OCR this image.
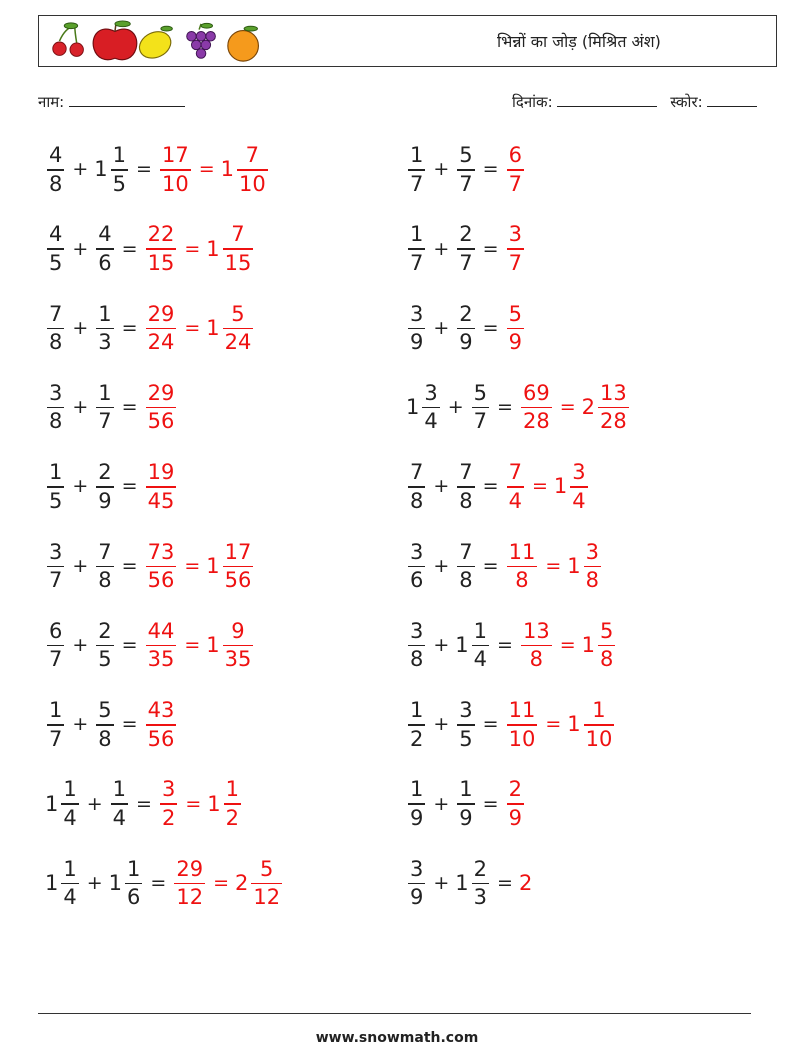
भिन्नों का जोड़ (मिश्रित अंश)
नाम:	दिनांक:	स्कोर:
$\frac{4}{8} + 1 \frac{1}{5} = \frac{17}{10} = 1 \frac{7}{10}$	$\frac{1}{7} + \frac{5}{7} = \frac{6}{7}$
$\frac{4}{5} + \frac{4}{6} = \frac{22}{15} = 1 \frac{7}{15}$	$\frac{1}{7} + \frac{2}{7} = \frac{3}{7}$
$\frac{7}{8} + \frac{1}{3} = \frac{29}{24} = 1 \frac{5}{24}$	$\frac{3}{9} + \frac{2}{9} = \frac{5}{9}$
$\frac{3}{8} + \frac{1}{7} = \frac{29}{56}$	$1 \frac{3}{4} + \frac{5}{7} = \frac{69}{28} = 2 \frac{13}{28}$
$\frac{1}{5} + \frac{2}{9} = \frac{19}{45}$	$\frac{7}{8} + \frac{7}{8} = \frac{7}{4} = 1 \frac{3}{4}$
$\frac{3}{7} + \frac{7}{8} = \frac{73}{56} = 1 \frac{17}{56}$	$\frac{3}{6} + \frac{7}{8} = \frac{11}{8} = 1 \frac{3}{8}$
$\frac{6}{7} + \frac{2}{5} = \frac{44}{35} = 1 \frac{9}{35}$	$\frac{3}{8} + 1 \frac{1}{4} = \frac{13}{8} = 1 \frac{5}{8}$
$\frac{1}{7} + \frac{5}{8} = \frac{43}{56}$	$\frac{1}{2} + \frac{3}{5} = \frac{11}{10} = 1 \frac{1}{10}$
$1 \frac{1}{4} + \frac{1}{4} = \frac{3}{2} = 1 \frac{1}{2}$	$\frac{1}{9} + \frac{1}{9} = \frac{2}{9}$
$1 \frac{1}{4} + 1 \frac{1}{6} = \frac{29}{12} = 2 \frac{5}{12}$	$\frac{3}{9} + 1 \frac{2}{3} = 2$
www.snowmath.com
